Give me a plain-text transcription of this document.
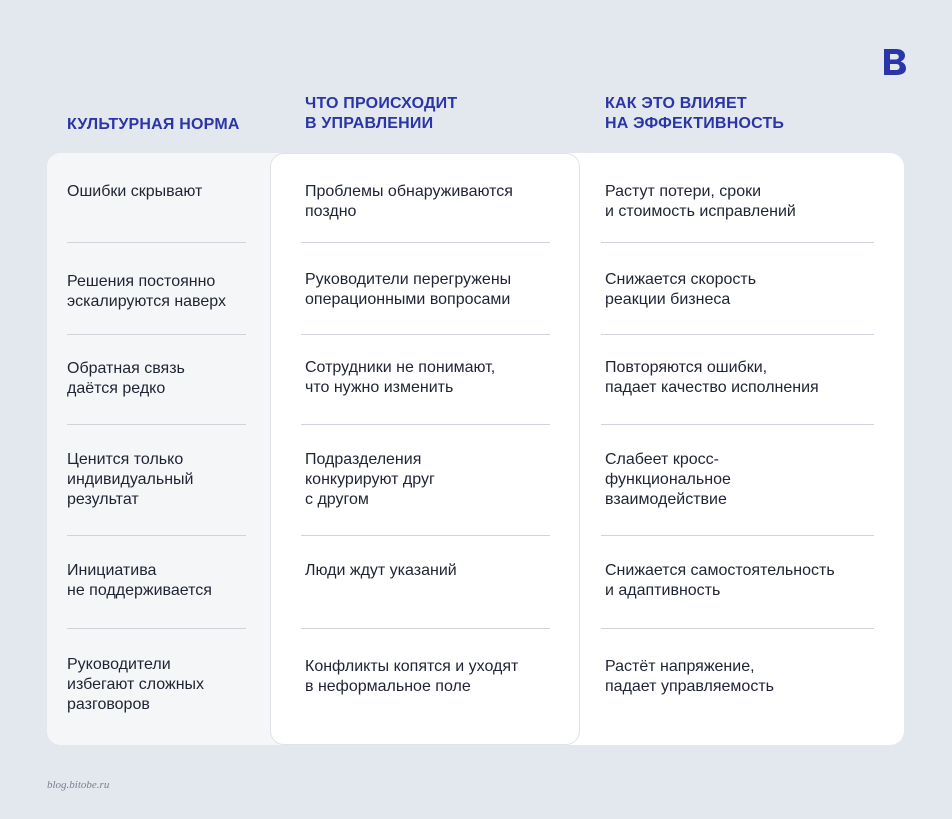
КУЛЬТУРНАЯ НОРМА
ЧТО ПРОИСХОДИТ
В УПРАВЛЕНИИ
КАК ЭТО ВЛИЯЕТ
НА ЭФФЕКТИВНОСТЬ
Ошибки скрывают	Проблемы обнаруживаются
поздно
Растут потери, сроки
и стоимость исправлений
Решения постоянно
эскалируются наверх
Руководители перегружены
операционными вопросами
Снижается скорость
реакции бизнеса
Обратная связь
даётся редко
Сотрудники не понимают,
что нужно изменить
Повторяются ошибки,
падает качество исполнения
Ценится только
индивидуальный
результат
Подразделения
конкурируют друг
с другом
Слабеет кросс-
функциональное
взаимодействие
Инициатива
не поддерживается
Люди ждут указаний	Снижается самостоятельность
и адаптивность
Руководители
избегают сложных
разговоров
Конфликты копятся и уходят
в неформальное поле
Растёт напряжение,
падает управляемость
blog.bitobe.ru
